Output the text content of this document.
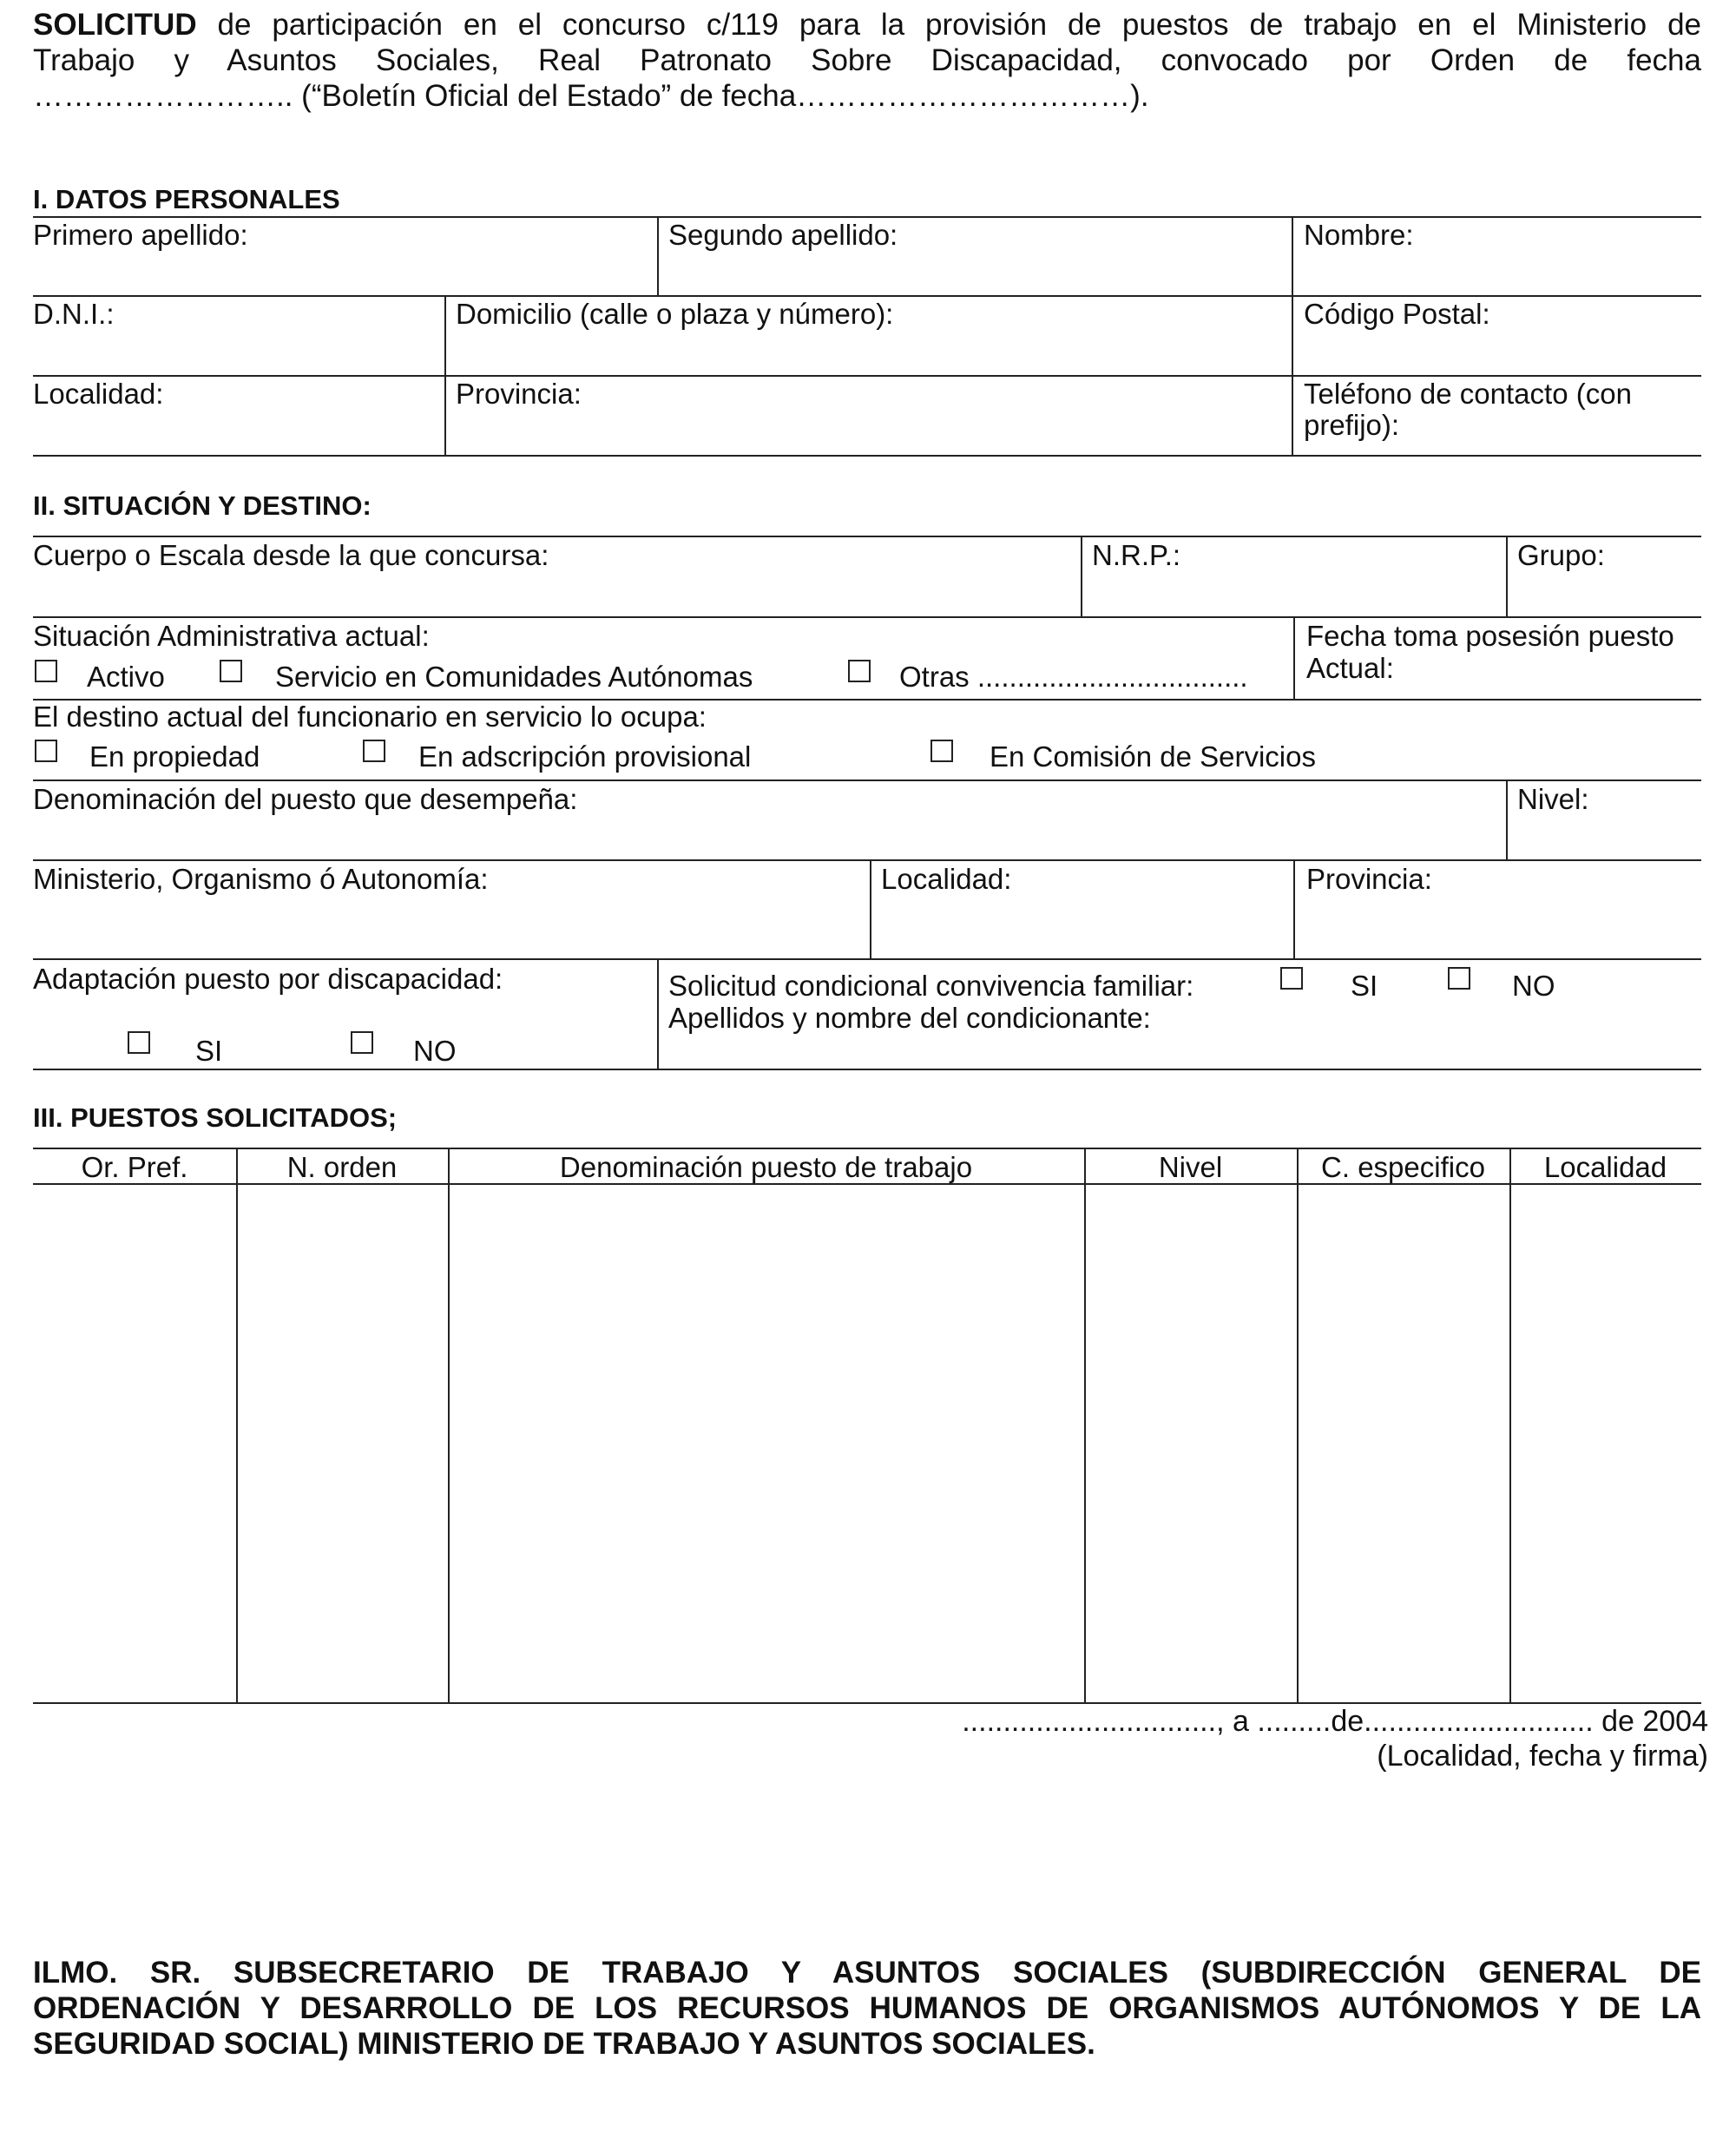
SOLICITUD de participación en el concurso c/119 para la provisión de puestos de trabajo en el Ministerio de
Trabajo y Asuntos Sociales, Real Patronato Sobre Discapacidad, convocado por Orden de fecha
…………………….. (“Boletín Oficial del Estado” de fecha……………………………).
I. DATOS PERSONALES
Primero apellido:	Segundo apellido:	Nombre:
D.N.I.:	Domicilio (calle o plaza y número):	Código Postal:
Localidad:	Provincia:	Teléfono de contacto (con
prefijo):
II. SITUACIÓN Y DESTINO:
Cuerpo o Escala desde la que concursa:	N.R.P.:	Grupo:
Situación Administrativa actual:
Activo	Servicio en Comunidades Autónomas	Otras ..................................
Fecha toma posesión puesto
Actual:
El destino actual del funcionario en servicio lo ocupa:
En propiedad	En adscripción provisional	En Comisión de Servicios
Denominación del puesto que desempeña:	Nivel:
Ministerio, Organismo ó Autonomía:	Localidad:	Provincia:
Adaptación puesto por discapacidad:
SI	NO
Solicitud condicional convivencia familiar:	SI	NO
Apellidos y nombre del condicionante:
III. PUESTOS SOLICITADOS;
Or. Pref.	N. orden	Denominación puesto de trabajo	Nivel	C. especifico	Localidad
..............................., a .........de............................ de 2004
(Localidad, fecha y firma)
ILMO. SR. SUBSECRETARIO DE TRABAJO Y ASUNTOS SOCIALES (SUBDIRECCIÓN GENERAL DE
ORDENACIÓN Y DESARROLLO DE LOS RECURSOS HUMANOS DE ORGANISMOS AUTÓNOMOS Y DE LA
SEGURIDAD SOCIAL) MINISTERIO DE TRABAJO Y ASUNTOS SOCIALES.
